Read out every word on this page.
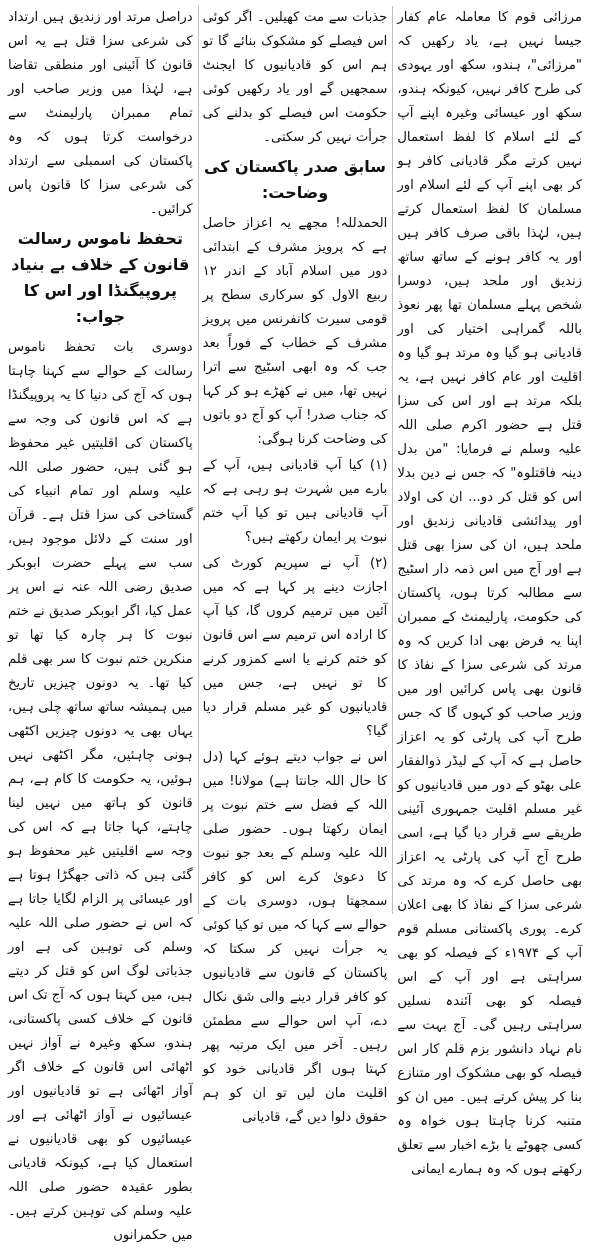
مرزائی قوم کا معاملہ عام کفار جیسا نہیں ہے، یاد رکھیں کہ "مرزائی"، ہندو، سکھ اور یہودی کی طرح کافر نہیں، کیونکہ ہندو، سکھ اور عیسائی وغیرہ اپنے آپ کے لئے اسلام کا لفظ استعمال نہیں کرتے مگر قادیانی کافر ہو کر بھی اپنے آپ کے لئے اسلام اور مسلمان کا لفظ استعمال کرتے ہیں، لہٰذا باقی صرف کافر ہیں اور یہ کافر ہونے کے ساتھ ساتھ زندیق اور ملحد ہیں، دوسرا شخص پہلے مسلمان تھا پھر نعوذ باللہ گمراہی اختیار کی اور قادیانی ہو گیا وہ مرتد ہو گیا وہ اقلیت اور عام کافر نہیں ہے، یہ بلکہ مرتد ہے اور اس کی سزا قتل ہے حضور اکرم صلی اللہ علیہ وسلم نے فرمایا: "من بدل دینہ فاقتلوہ" کہ جس نے دین بدلا اس کو قتل کر دو... ان کی اولاد اور پیدائشی قادیانی زندیق اور ملحد ہیں، ان کی سزا بھی قتل ہے اور آج میں اس ذمہ دار اسٹیج سے مطالبہ کرتا ہوں، پاکستان کی حکومت، پارلیمنٹ کے ممبران اپنا یہ فرض بھی ادا کریں کہ وہ مرتد کی شرعی سزا کے نفاذ کا قانون بھی پاس کرائیں اور میں وزیر صاحب کو کہوں گا کہ جس طرح آپ کی پارٹی کو یہ اعزاز حاصل ہے کہ آپ کے لیڈر ذوالفقار علی بھٹو کے دور میں قادیانیوں کو غیر مسلم اقلیت جمہوری آئینی طریقے سے قرار دیا گیا ہے، اسی طرح آج آپ کی پارٹی یہ اعزاز بھی حاصل کرے کہ وہ مرتد کی شرعی سزا کے نفاذ کا بھی اعلان کرے۔ پوری پاکستانی مسلم قوم آپ کے ۱۹۷۴ء کے فیصلہ کو بھی سراہتی ہے اور آپ کے اس فیصلہ کو بھی آئندہ نسلیں سراہتی رہیں گی۔ آج بہت سے نام نہاد دانشور بزم قلم کار اس فیصلہ کو بھی مشکوک اور متنازع بنا کر پیش کرتے ہیں۔ میں ان کو متنبہ کرنا چاہتا ہوں خواہ وہ کسی چھوٹے یا بڑے اخبار سے تعلق رکھتے ہوں کہ وہ ہمارے ایمانی

جذبات سے مت کھیلیں۔ اگر کوئی اس فیصلے کو مشکوک بنائے گا تو ہم اس کو قادیانیوں کا ایجنٹ سمجھیں گے اور یاد رکھیں کوئی حکومت اس فیصلے کو بدلنے کی جرأت نہیں کر سکتی۔

سابق صدر پاکستان کی وضاحت:

الحمدللہ! مجھے یہ اعزاز حاصل ہے کہ پرویز مشرف کے ابتدائی دور میں اسلام آباد کے اندر ۱۲ ربیع الاول کو سرکاری سطح پر قومی سیرت کانفرنس میں پرویز مشرف کے خطاب کے فوراً بعد جب کہ وہ ابھی اسٹیج سے اترا نہیں تھا، میں نے کھڑے ہو کر کہا کہ جناب صدر! آپ کو آج دو باتوں کی وضاحت کرنا ہوگی:

(۱) کیا آپ قادیانی ہیں، آپ کے بارے میں شہرت ہو رہی ہے کہ آپ قادیانی ہیں تو کیا آپ ختم نبوت پر ایمان رکھتے ہیں؟

(۲) آپ نے سپریم کورٹ کی اجازت دینے پر کہا ہے کہ میں آئین میں ترمیم کروں گا، کیا آپ کا ارادہ اس ترمیم سے اس قانون کو ختم کرنے یا اسے کمزور کرنے کا تو نہیں ہے، جس میں قادیانیوں کو غیر مسلم قرار دیا گیا؟

اس نے جواب دیتے ہوئے کہا (دل کا حال اللہ جانتا ہے) مولانا! میں اللہ کے فضل سے ختم نبوت پر ایمان رکھتا ہوں۔ حضور صلی اللہ علیہ وسلم کے بعد جو نبوت کا دعویٰ کرے اس کو کافر سمجھتا ہوں، دوسری بات کے حوالے سے کہا کہ میں تو کیا کوئی یہ جرأت نہیں کر سکتا کہ پاکستان کے قانون سے قادیانیوں کو کافر قرار دینے والی شق نکال دے، آپ اس حوالے سے مطمئن رہیں۔ آخر میں ایک مرتبہ پھر کہتا ہوں اگر قادیانی خود کو اقلیت مان لیں تو ان کو ہم حقوق دلوا دیں گے، قادیانی

دراصل مرتد اور زندیق ہیں ارتداد کی شرعی سزا قتل ہے یہ اس قانون کا آئینی اور منطقی تقاضا ہے، لہٰذا میں وزیر صاحب اور تمام ممبران پارلیمنٹ سے درخواست کرتا ہوں کہ وہ پاکستان کی اسمبلی سے ارتداد کی شرعی سزا کا قانون پاس کرائیں۔

تحفظ ناموس رسالت قانون کے خلاف بے بنیاد پروپیگنڈا اور اس کا جواب:

دوسری بات تحفظ ناموس رسالت کے حوالے سے کہنا چاہتا ہوں کہ آج کی دنیا کا یہ پروپیگنڈا ہے کہ اس قانون کی وجہ سے پاکستان کی اقلیتیں غیر محفوظ ہو گئی ہیں، حضور صلی اللہ علیہ وسلم اور تمام انبیاء کی گستاخی کی سزا قتل ہے۔ قرآن اور سنت کے دلائل موجود ہیں، سب سے پہلے حضرت ابوبکر صدیق رضی اللہ عنہ نے اس پر عمل کیا، اگر ابوبکر صدیق نے ختم نبوت کا ہر چارہ کیا تھا تو منکرین ختم نبوت کا سر بھی قلم کیا تھا۔ یہ دونوں چیزیں تاریخ میں ہمیشہ ساتھ ساتھ چلی ہیں، یہاں بھی یہ دونوں چیزیں اکٹھی ہونی چاہئیں، مگر اکٹھی نہیں ہوئیں، یہ حکومت کا کام ہے، ہم قانون کو ہاتھ میں نہیں لینا چاہتے، کہا جاتا ہے کہ اس کی وجہ سے اقلیتیں غیر محفوظ ہو گئی ہیں کہ ذاتی جھگڑا ہوتا ہے اور عیسائی پر الزام لگایا جاتا ہے کہ اس نے حضور صلی اللہ علیہ وسلم کی توہین کی ہے اور جذباتی لوگ اس کو قتل کر دیتے ہیں، میں کہتا ہوں کہ آج تک اس قانون کے خلاف کسی پاکستانی، ہندو، سکھ وغیرہ نے آواز نہیں اٹھائی اس قانون کے خلاف اگر آواز اٹھائی ہے تو قادیانیوں اور عیسائیوں نے آواز اٹھائی ہے اور عیسائیوں کو بھی قادیانیوں نے استعمال کیا ہے، کیونکہ قادیانی بطور عقیدہ حضور صلی اللہ علیہ وسلم کی توہین کرتے ہیں۔ میں حکمرانوں
